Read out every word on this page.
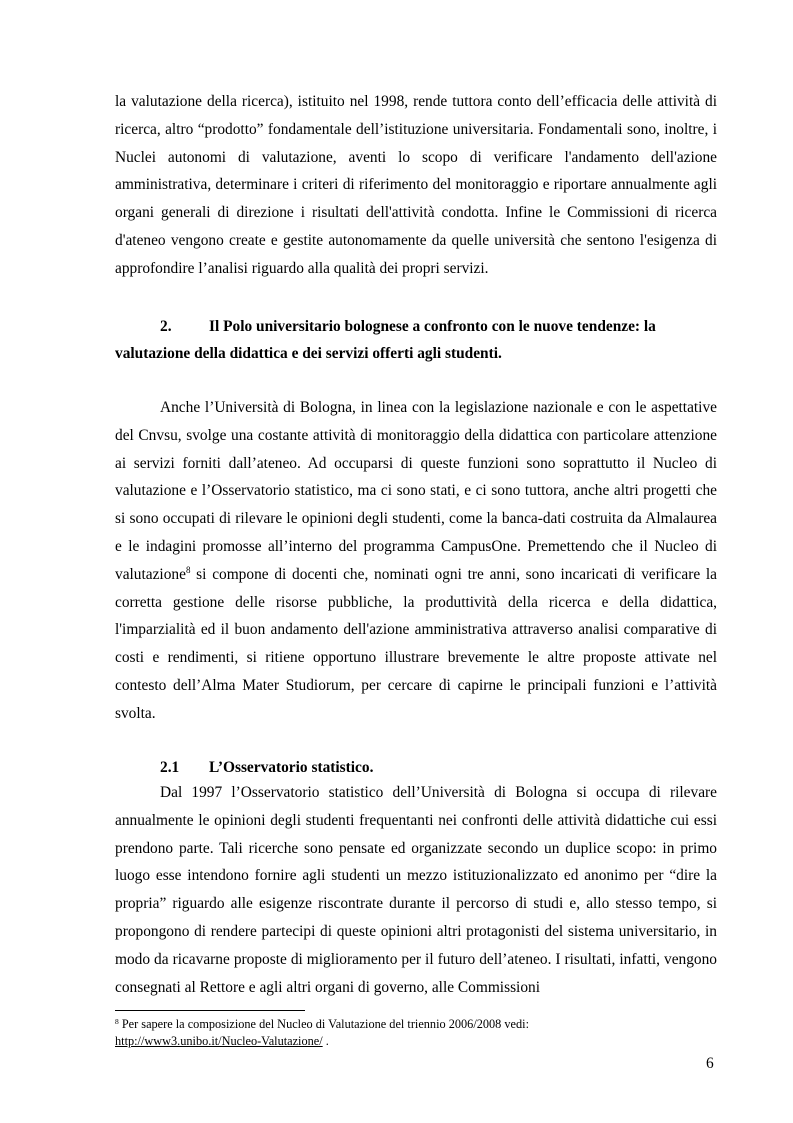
la valutazione della ricerca), istituito nel 1998, rende tuttora conto dell’efficacia delle attività di ricerca, altro “prodotto” fondamentale dell’istituzione universitaria. Fondamentali sono, inoltre, i Nuclei autonomi di valutazione, aventi lo scopo di verificare l'andamento dell'azione amministrativa, determinare i criteri di riferimento del monitoraggio e riportare annualmente agli organi generali di direzione i risultati dell'attività condotta. Infine le Commissioni di ricerca d'ateneo vengono create e gestite autonomamente da quelle università che sentono l'esigenza di approfondire l’analisi riguardo alla qualità dei propri servizi.

2. Il Polo universitario bolognese a confronto con le nuove tendenze: la
valutazione della didattica e dei servizi offerti agli studenti.

Anche l’Università di Bologna, in linea con la legislazione nazionale e con le aspettative del Cnvsu, svolge una costante attività di monitoraggio della didattica con particolare attenzione ai servizi forniti dall’ateneo. Ad occuparsi di queste funzioni sono soprattutto il Nucleo di valutazione e l’Osservatorio statistico, ma ci sono stati, e ci sono tuttora, anche altri progetti che si sono occupati di rilevare le opinioni degli studenti, come la banca-dati costruita da Almalaurea e le indagini promosse all’interno del programma CampusOne. Premettendo che il Nucleo di valutazione$^8$ si compone di docenti che, nominati ogni tre anni, sono incaricati di verificare la corretta gestione delle risorse pubbliche, la produttività della ricerca e della didattica, l'imparzialità ed il buon andamento dell'azione amministrativa attraverso analisi comparative di costi e rendimenti, si ritiene opportuno illustrare brevemente le altre proposte attivate nel contesto dell’Alma Mater Studiorum, per cercare di capirne le principali funzioni e l’attività svolta.

2.1 L’Osservatorio statistico.

Dal 1997 l’Osservatorio statistico dell’Università di Bologna si occupa di rilevare annualmente le opinioni degli studenti frequentanti nei confronti delle attività didattiche cui essi prendono parte. Tali ricerche sono pensate ed organizzate secondo un duplice scopo: in primo luogo esse intendono fornire agli studenti un mezzo istituzionalizzato ed anonimo per “dire la propria” riguardo alle esigenze riscontrate durante il percorso di studi e, allo stesso tempo, si propongono di rendere partecipi di queste opinioni altri protagonisti del sistema universitario, in modo da ricavarne proposte di miglioramento per il futuro dell’ateneo. I risultati, infatti, vengono consegnati al Rettore e agli altri organi di governo, alle Commissioni

$^8$ Per sapere la composizione del Nucleo di Valutazione del triennio 2006/2008 vedi:
http://www3.unibo.it/Nucleo-Valutazione/ .

6
